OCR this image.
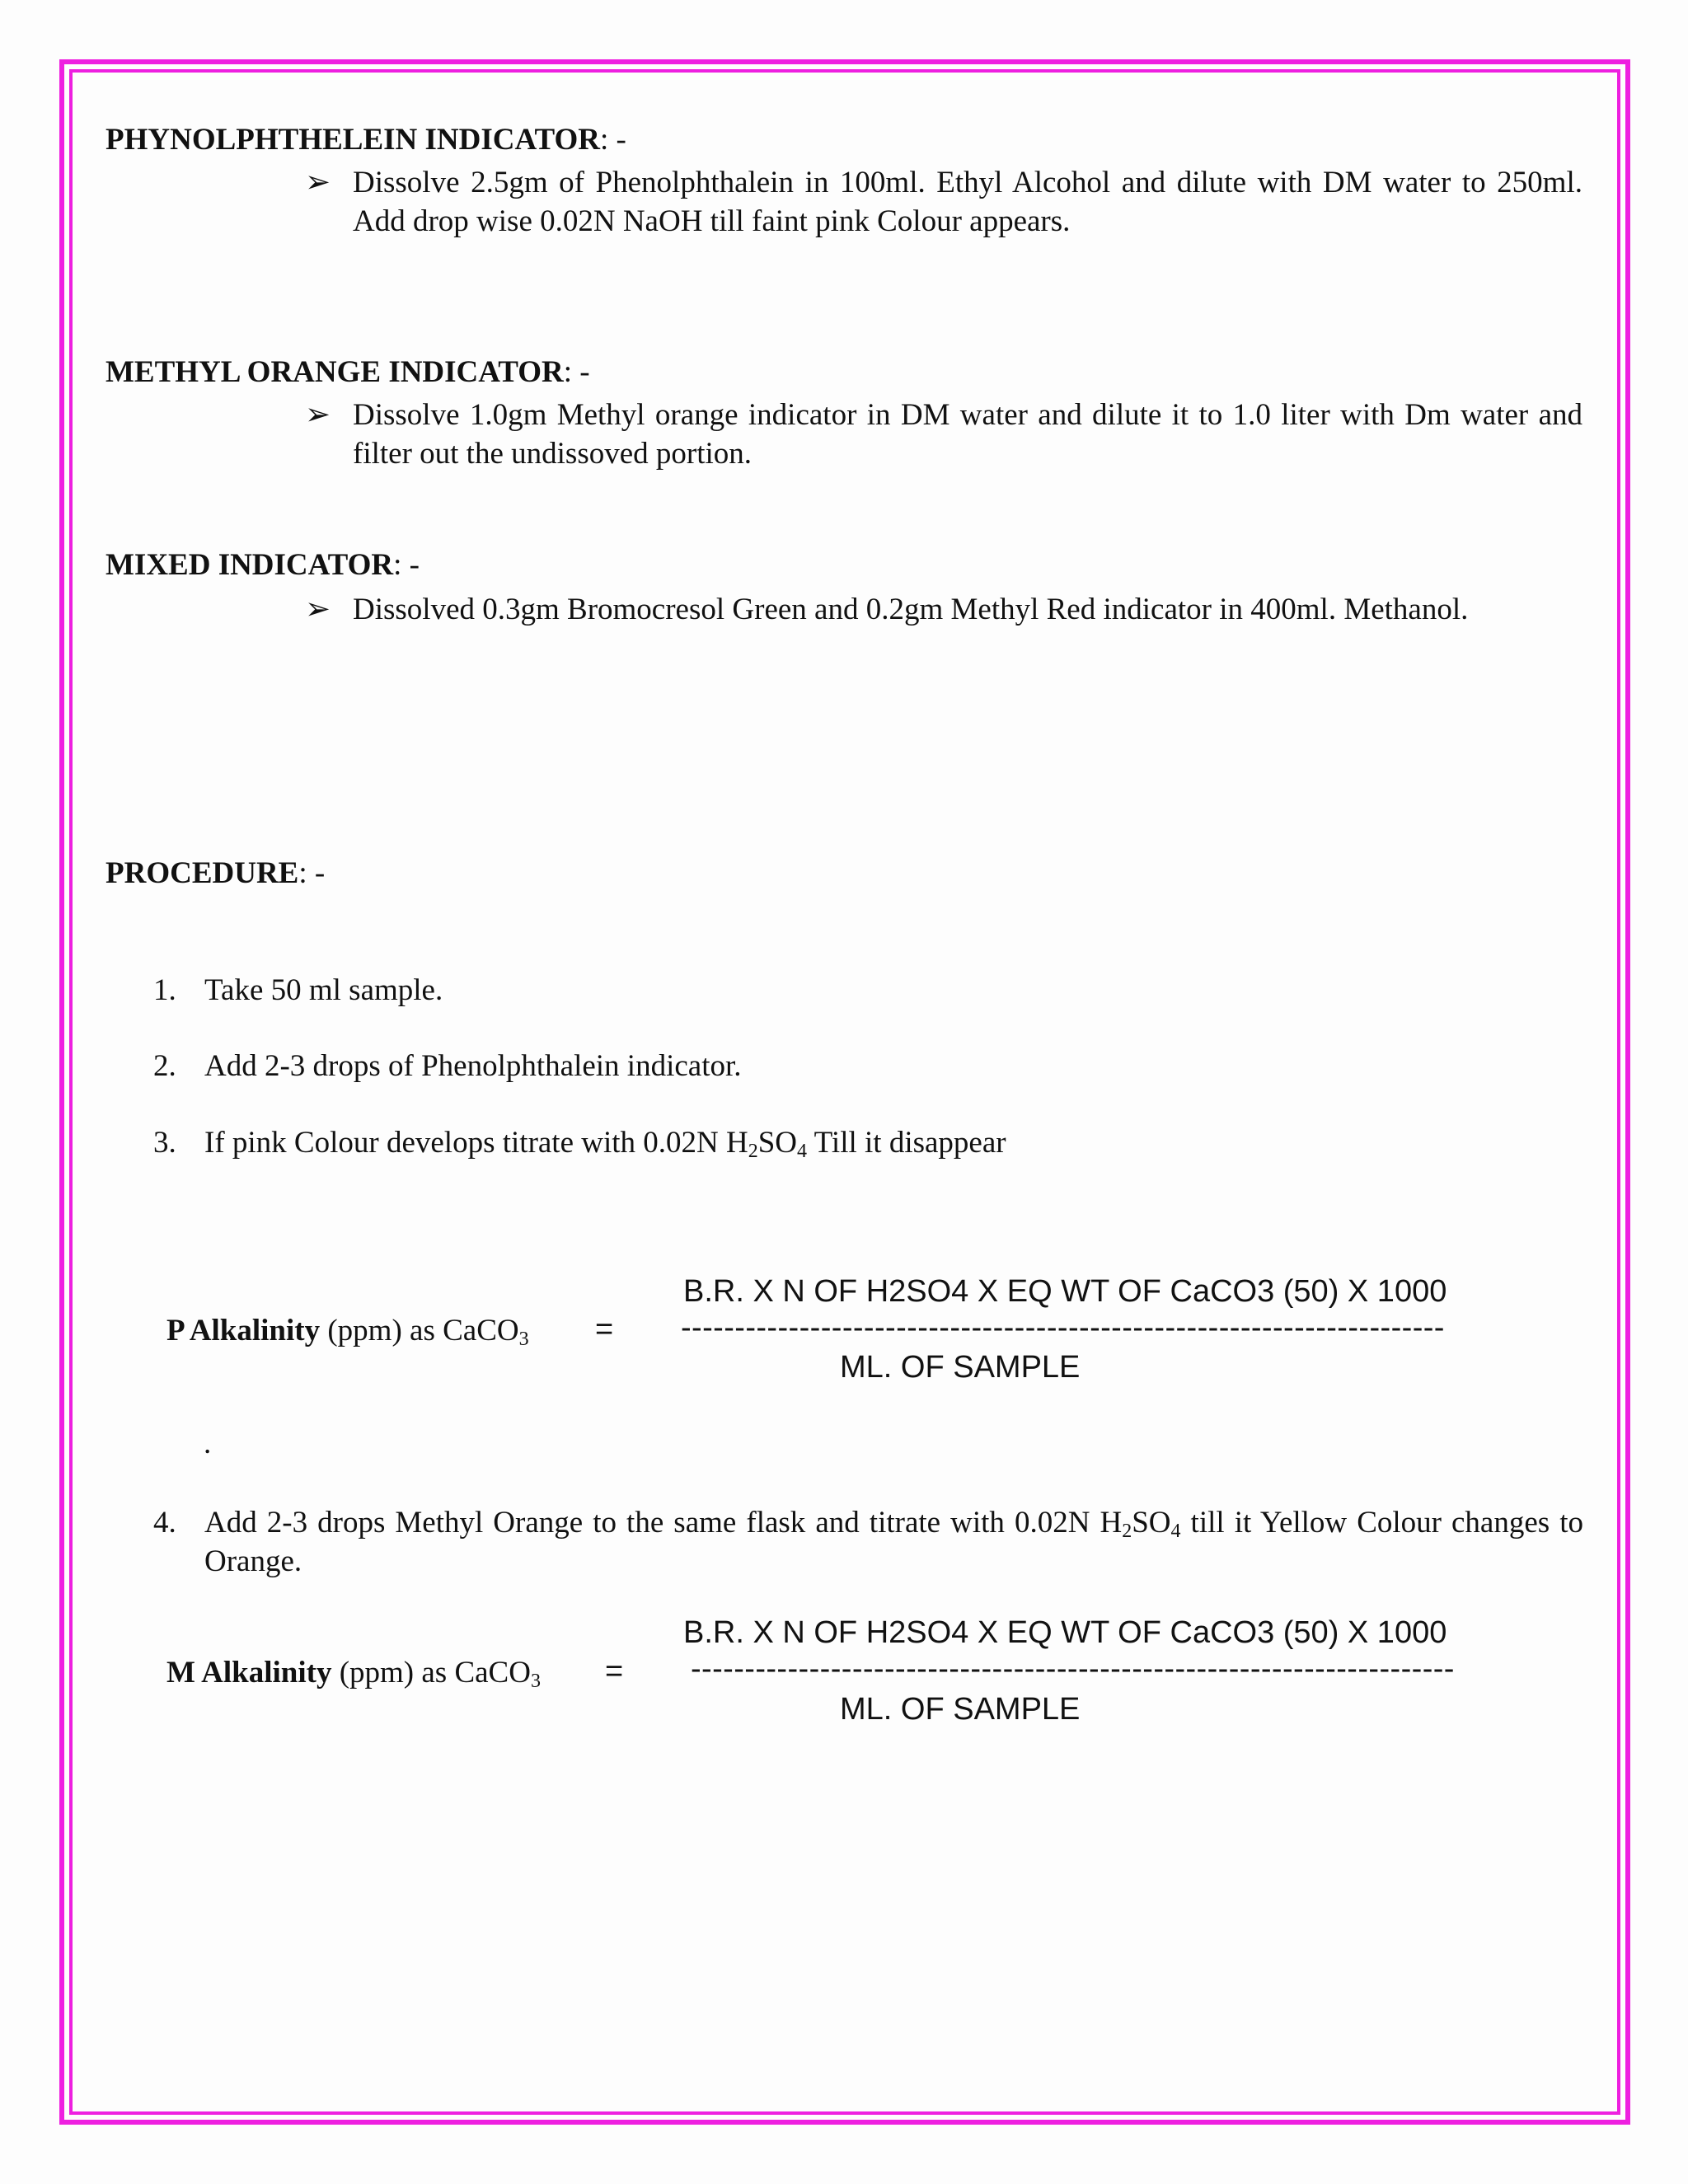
PHYNOLPHTHELEIN INDICATOR: -
➢ Dissolve 2.5gm of Phenolphthalein in 100ml. Ethyl Alcohol and dilute with DM water to 250ml. Add drop wise 0.02N NaOH till faint pink Colour appears.
METHYL ORANGE INDICATOR: -
➢ Dissolve 1.0gm Methyl orange indicator in DM water and dilute it to 1.0 liter with Dm water and filter out the undissoved portion.
MIXED INDICATOR: -
➢ Dissolved 0.3gm Bromocresol Green and 0.2gm Methyl Red indicator in 400ml. Methanol.
PROCEDURE: -
1. Take 50 ml sample.
2. Add 2-3 drops of Phenolphthalein indicator.
3. If pink Colour develops titrate with 0.02N $H_2SO_4$ Till it disappear
P Alkalinity (ppm) as CaCO$_3$ =
B.R. X N OF H2SO4 X EQ WT OF CaCO3 (50) X 1000
-----------------------------------------------------------------------
ML. OF SAMPLE
.
4. Add 2-3 drops Methyl Orange to the same flask and titrate with 0.02N $H_2SO_4$ till it Yellow Colour changes to Orange.
M Alkalinity (ppm) as CaCO$_3$ =
B.R. X N OF H2SO4 X EQ WT OF CaCO3 (50) X 1000
-----------------------------------------------------------------------
ML. OF SAMPLE
